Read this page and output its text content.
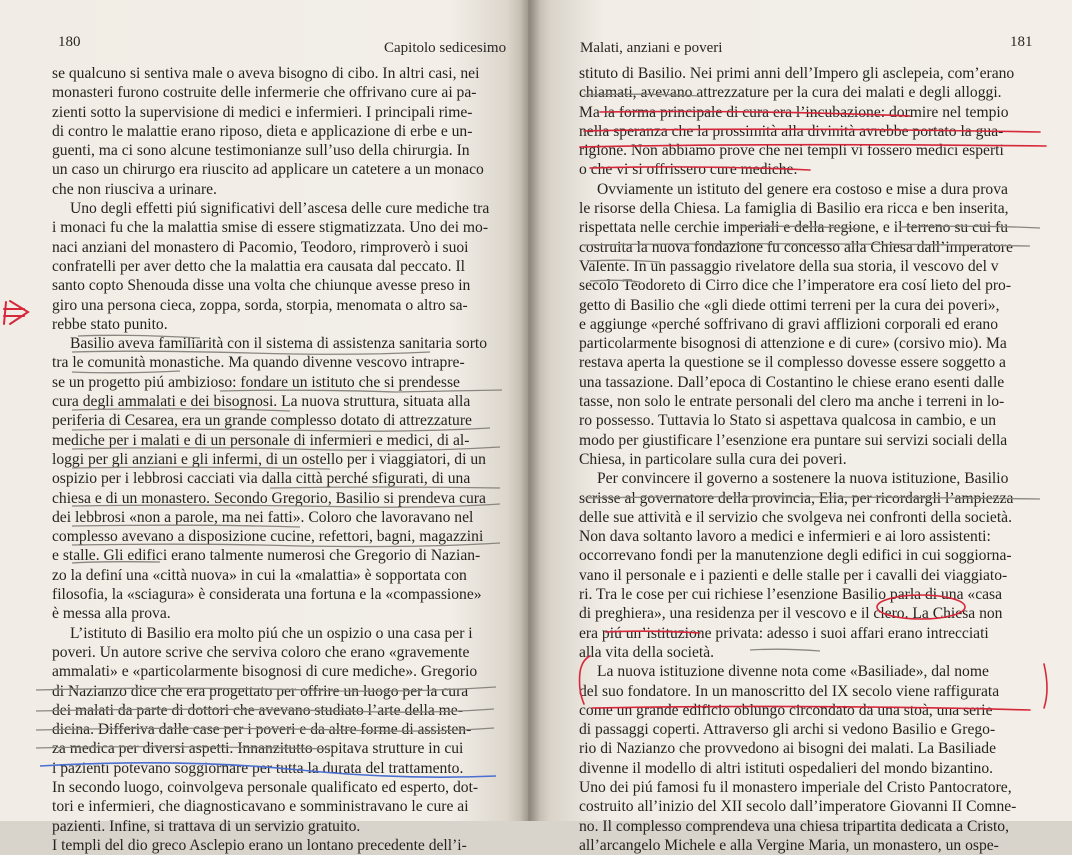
180	Capitolo sedicesimo
se qualcuno si sentiva male o aveva bisogno di cibo. In altri casi, nei
monasteri furono costruite delle infermerie che offrivano cure ai pa-
zienti sotto la supervisione di medici e infermieri. I principali rime-
di contro le malattie erano riposo, dieta e applicazione di erbe e un-
guenti, ma ci sono alcune testimonianze sull’uso della chirurgia. In
un caso un chirurgo era riuscito ad applicare un catetere a un monaco
che non riusciva a urinare.
Uno degli effetti piú significativi dell’ascesa delle cure mediche tra
i monaci fu che la malattia smise di essere stigmatizzata. Uno dei mo-
naci anziani del monastero di Pacomio, Teodoro, rimproverò i suoi
confratelli per aver detto che la malattia era causata dal peccato. Il
santo copto Shenouda disse una volta che chiunque avesse preso in
giro una persona cieca, zoppa, sorda, storpia, menomata o altro sa-
rebbe stato punito.
Basilio aveva familiarità con il sistema di assistenza sanitaria sorto
tra le comunità monastiche. Ma quando divenne vescovo intrapre-
se un progetto piú ambizioso: fondare un istituto che si prendesse
cura degli ammalati e dei bisognosi. La nuova struttura, situata alla
periferia di Cesarea, era un grande complesso dotato di attrezzature
mediche per i malati e di un personale di infermieri e medici, di al-
loggi per gli anziani e gli infermi, di un ostello per i viaggiatori, di un
ospizio per i lebbrosi cacciati via dalla città perché sfigurati, di una
chiesa e di un monastero. Secondo Gregorio, Basilio si prendeva cura
dei lebbrosi «non a parole, ma nei fatti». Coloro che lavoravano nel
complesso avevano a disposizione cucine, refettori, bagni, magazzini
e stalle. Gli edifici erano talmente numerosi che Gregorio di Nazian-
zo la definí una «città nuova» in cui la «malattia» è sopportata con
filosofia, la «sciagura» è considerata una fortuna e la «compassione»
è messa alla prova.
L’istituto di Basilio era molto piú che un ospizio o una casa per i
poveri. Un autore scrive che serviva coloro che erano «gravemente
ammalati» e «particolarmente bisognosi di cure mediche». Gregorio
di Nazianzo dice che era progettato per offrire un luogo per la cura
dei malati da parte di dottori che avevano studiato l’arte della me-
dicina. Differiva dalle case per i poveri e da altre forme di assisten-
za medica per diversi aspetti. Innanzitutto ospitava strutture in cui
i pazienti potevano soggiornare per tutta la durata del trattamento.
In secondo luogo, coinvolgeva personale qualificato ed esperto, dot-
tori e infermieri, che diagnosticavano e somministravano le cure ai
pazienti. Infine, si trattava di un servizio gratuito.
I templi del dio greco Asclepio erano un lontano precedente dell’i-
Malati, anziani e poveri	181
stituto di Basilio. Nei primi anni dell’Impero gli asclepeia, com’erano
chiamati, avevano attrezzature per la cura dei malati e degli alloggi.
Ma la forma principale di cura era l’incubazione: dormire nel tempio
nella speranza che la prossimità alla divinità avrebbe portato la gua-
rigione. Non abbiamo prove che nei templi vi fossero medici esperti
o che vi si offrissero cure mediche.
Ovviamente un istituto del genere era costoso e mise a dura prova
le risorse della Chiesa. La famiglia di Basilio era ricca e ben inserita,
rispettata nelle cerchie imperiali e della regione, e il terreno su cui fu
costruita la nuova fondazione fu concesso alla Chiesa dall’imperatore
Valente. In un passaggio rivelatore della sua storia, il vescovo del v
secolo Teodoreto di Cirro dice che l’imperatore era cosí lieto del pro-
getto di Basilio che «gli diede ottimi terreni per la cura dei poveri»,
e aggiunge «perché soffrivano di gravi afflizioni corporali ed erano
particolarmente bisognosi di attenzione e di cure» (corsivo mio). Ma
restava aperta la questione se il complesso dovesse essere soggetto a
una tassazione. Dall’epoca di Costantino le chiese erano esenti dalle
tasse, non solo le entrate personali del clero ma anche i terreni in lo-
ro possesso. Tuttavia lo Stato si aspettava qualcosa in cambio, e un
modo per giustificare l’esenzione era puntare sui servizi sociali della
Chiesa, in particolare sulla cura dei poveri.
Per convincere il governo a sostenere la nuova istituzione, Basilio
scrisse al governatore della provincia, Elia, per ricordargli l’ampiezza
delle sue attività e il servizio che svolgeva nei confronti della società.
Non dava soltanto lavoro a medici e infermieri e ai loro assistenti:
occorrevano fondi per la manutenzione degli edifici in cui soggiorna-
vano il personale e i pazienti e delle stalle per i cavalli dei viaggiato-
ri. Tra le cose per cui richiese l’esenzione Basilio parla di una «casa
di preghiera», una residenza per il vescovo e il clero. La Chiesa non
era piú un’istituzione privata: adesso i suoi affari erano intrecciati
alla vita della società.
La nuova istituzione divenne nota come «Basiliade», dal nome
del suo fondatore. In un manoscritto del IX secolo viene raffigurata
come un grande edificio oblungo circondato da una stoà, una serie
di passaggi coperti. Attraverso gli archi si vedono Basilio e Grego-
rio di Nazianzo che provvedono ai bisogni dei malati. La Basiliade
divenne il modello di altri istituti ospedalieri del mondo bizantino.
Uno dei piú famosi fu il monastero imperiale del Cristo Pantocratore,
costruito all’inizio del XII secolo dall’imperatore Giovanni II Comne-
no. Il complesso comprendeva una chiesa tripartita dedicata a Cristo,
all’arcangelo Michele e alla Vergine Maria, un monastero, un ospe-
